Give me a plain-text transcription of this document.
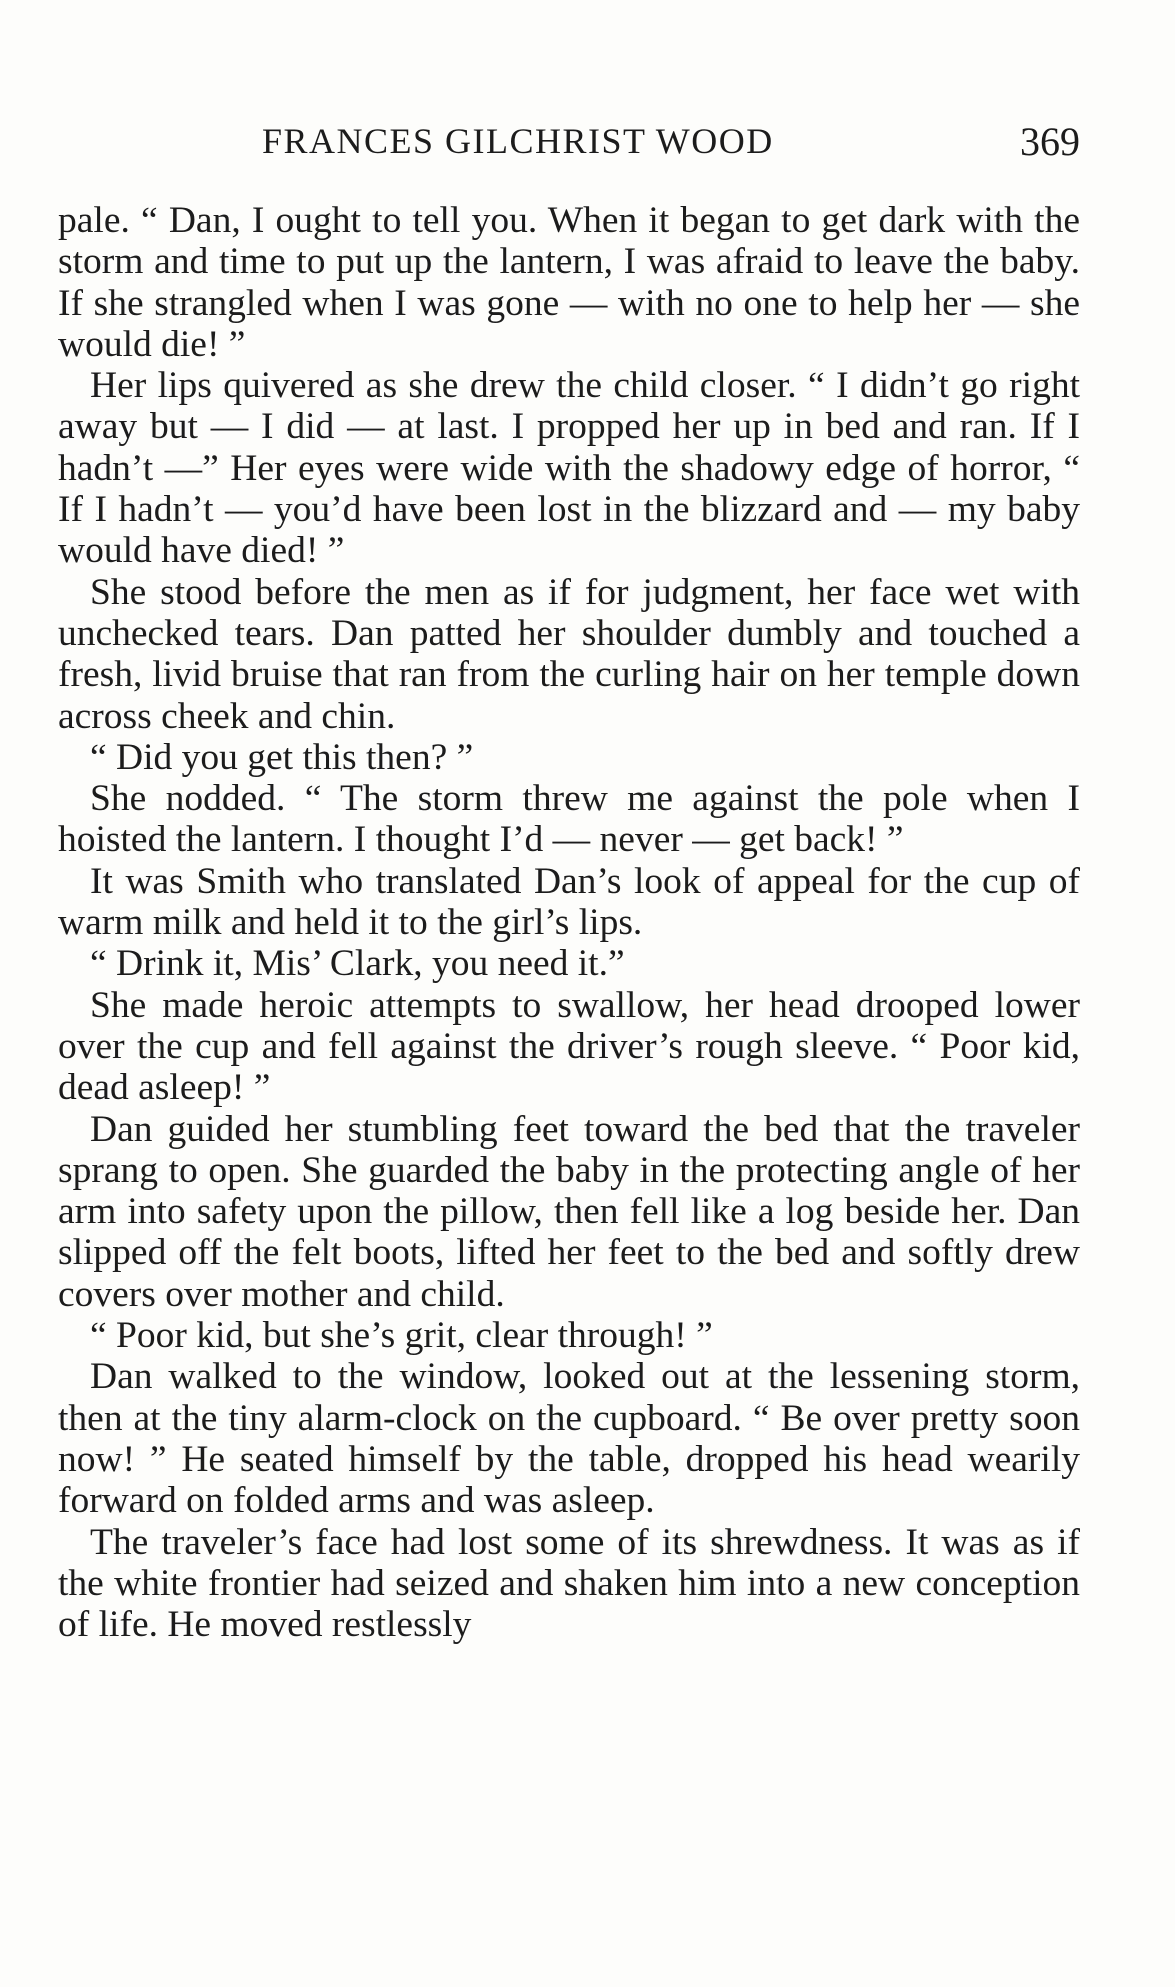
FRANCES GILCHRIST WOOD	369

pale. “ Dan, I ought to tell you. When it began to get dark with the storm and time to put up the lantern, I was afraid to leave the baby. If she strangled when I was gone — with no one to help her — she would die! ”

Her lips quivered as she drew the child closer. “ I didn’t go right away but — I did — at last. I propped her up in bed and ran. If I hadn’t —” Her eyes were wide with the shadowy edge of horror, “ If I hadn’t — you’d have been lost in the blizzard and — my baby would have died! ”

She stood before the men as if for judgment, her face wet with unchecked tears. Dan patted her shoulder dumbly and touched a fresh, livid bruise that ran from the curling hair on her temple down across cheek and chin.

“ Did you get this then? ”

She nodded. “ The storm threw me against the pole when I hoisted the lantern. I thought I’d — never — get back! ”

It was Smith who translated Dan’s look of appeal for the cup of warm milk and held it to the girl’s lips.

“ Drink it, Mis’ Clark, you need it.”

She made heroic attempts to swallow, her head drooped lower over the cup and fell against the driver’s rough sleeve. “ Poor kid, dead asleep! ”

Dan guided her stumbling feet toward the bed that the traveler sprang to open. She guarded the baby in the protecting angle of her arm into safety upon the pillow, then fell like a log beside her. Dan slipped off the felt boots, lifted her feet to the bed and softly drew covers over mother and child.

“ Poor kid, but she’s grit, clear through! ”

Dan walked to the window, looked out at the lessening storm, then at the tiny alarm-clock on the cupboard. “ Be over pretty soon now! ” He seated himself by the table, dropped his head wearily forward on folded arms and was asleep.

The traveler’s face had lost some of its shrewdness. It was as if the white frontier had seized and shaken him into a new conception of life. He moved restlessly
